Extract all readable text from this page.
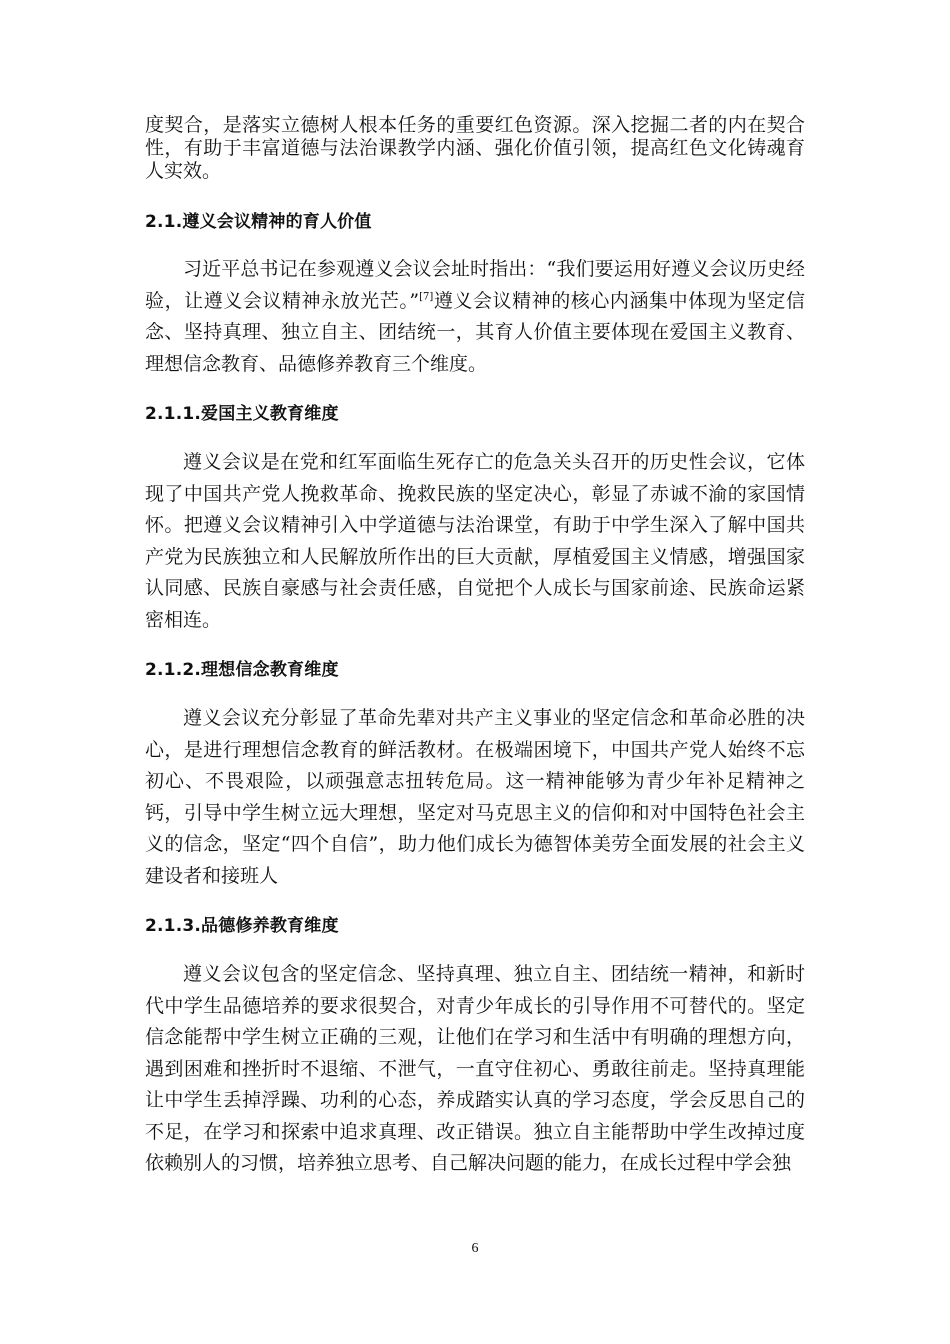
度契合，是落实立德树人根本任务的重要红色资源。深入挖掘二者的内在契合性，有助于丰富道德与法治课教学内涵、强化价值引领，提高红色文化铸魂育人实效。

2.1.遵义会议精神的育人价值

习近平总书记在参观遵义会议会址时指出：“我们要运用好遵义会议历史经验，让遵义会议精神永放光芒。”[7]遵义会议精神的核心内涵集中体现为坚定信念、坚持真理、独立自主、团结统一，其育人价值主要体现在爱国主义教育、理想信念教育、品德修养教育三个维度。

2.1.1.爱国主义教育维度

遵义会议是在党和红军面临生死存亡的危急关头召开的历史性会议，它体现了中国共产党人挽救革命、挽救民族的坚定决心，彰显了赤诚不渝的家国情怀。把遵义会议精神引入中学道德与法治课堂，有助于中学生深入了解中国共产党为民族独立和人民解放所作出的巨大贡献，厚植爱国主义情感，增强国家认同感、民族自豪感与社会责任感，自觉把个人成长与国家前途、民族命运紧密相连。

2.1.2.理想信念教育维度

遵义会议充分彰显了革命先辈对共产主义事业的坚定信念和革命必胜的决心，是进行理想信念教育的鲜活教材。在极端困境下，中国共产党人始终不忘初心、不畏艰险，以顽强意志扭转危局。这一精神能够为青少年补足精神之钙，引导中学生树立远大理想，坚定对马克思主义的信仰和对中国特色社会主义的信念，坚定“四个自信”，助力他们成长为德智体美劳全面发展的社会主义建设者和接班人

2.1.3.品德修养教育维度

遵义会议包含的坚定信念、坚持真理、独立自主、团结统一精神，和新时代中学生品德培养的要求很契合，对青少年成长的引导作用不可替代的。坚定信念能帮中学生树立正确的三观，让他们在学习和生活中有明确的理想方向，遇到困难和挫折时不退缩、不泄气，一直守住初心、勇敢往前走。坚持真理能让中学生丢掉浮躁、功利的心态，养成踏实认真的学习态度，学会反思自己的不足，在学习和探索中追求真理、改正错误。独立自主能帮助中学生改掉过度依赖别人的习惯，培养独立思考、自己解决问题的能力，在成长过程中学会独

6
